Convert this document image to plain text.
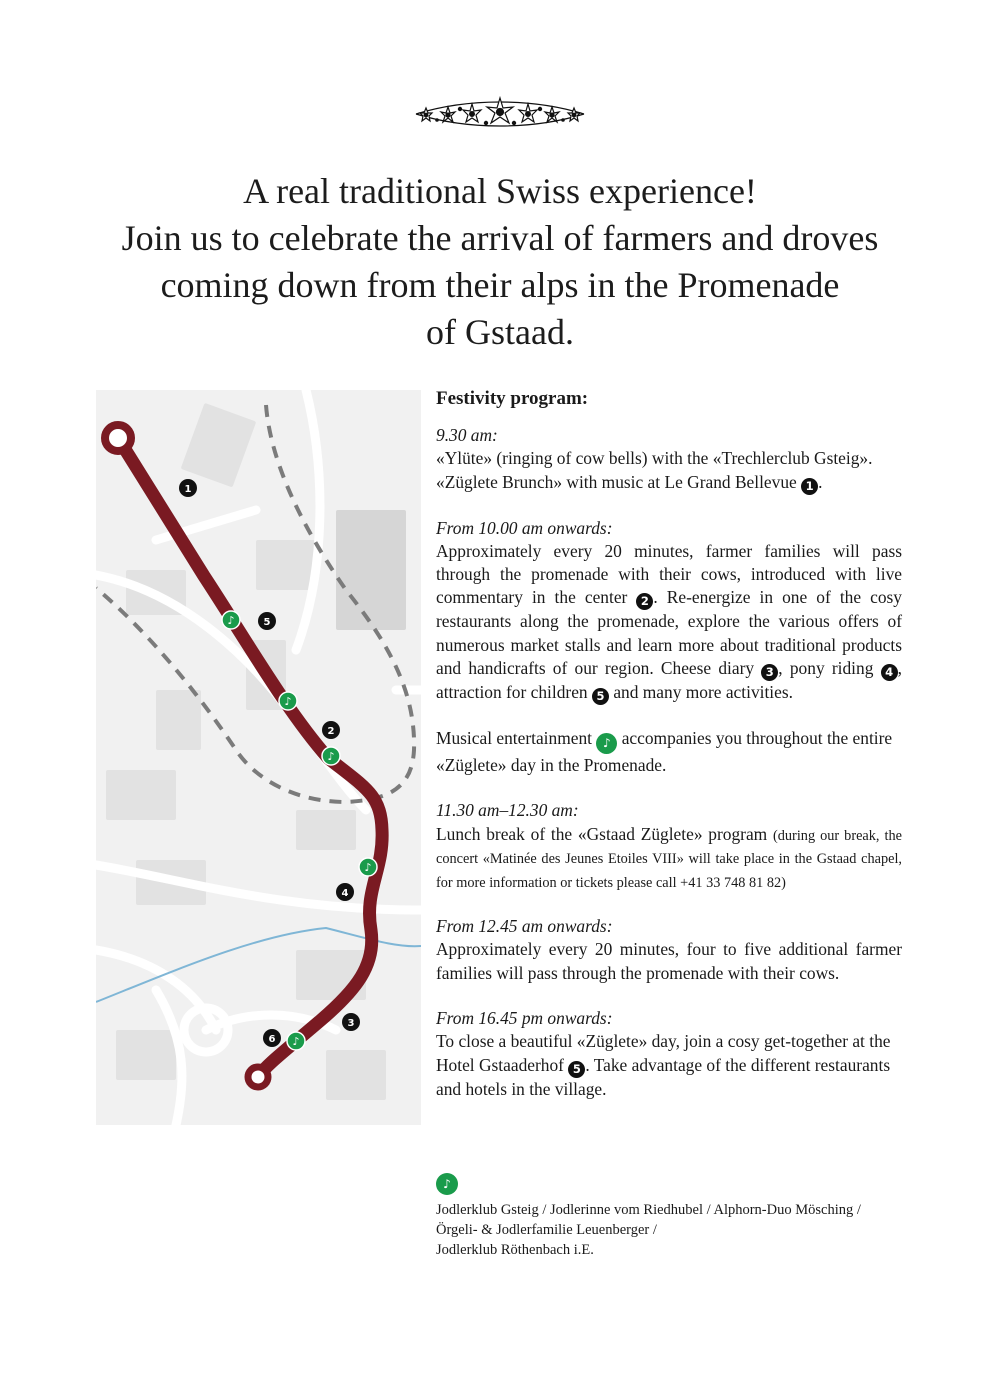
A real traditional Swiss experience!
Join us to celebrate the arrival of farmers and droves
coming down from their alps in the Promenade
of Gstaad.
♪
♪
♪
♪
♪
1
5
2
4
3
6

Festivity program:

9.30 am:

«Ylüte» (ringing of cow bells) with the «Trechlerclub Gsteig».

«Züglete Brunch» with music at Le Grand Bellevue 1 .

From 10.00 am onwards:

Approximately every 20 minutes, farmer families will pass through the promenade with their cows, introduced with live commentary in the center 2 . Re-energize in one of the cosy restaurants along the promenade, explore the various offers of numerous market stalls and learn more about traditional products and handicrafts of our region. Cheese diary 3 , pony riding 4 , attraction for children 5 and many more activities.

Musical entertainment ♪ accompanies you throughout the entire «Züglete» day in the Promenade.

11.30 am–12.30 am:

Lunch break of the «Gstaad Züglete» program (during our break, the concert «Matinée des Jeunes Etoiles VIII» will take place in the Gstaad chapel, for more information or tickets please call +41 33 748 81 82)

From 12.45 am onwards:

Approximately every 20 minutes, four to five additional farmer families will pass through the promenade with their cows.

From 16.45 pm onwards:

To close a beautiful «Züglete» day, join a cosy get-together at the Hotel Gstaaderhof 5 . Take advantage of the different restaurants and hotels in the village.

♪

Jodlerklub Gsteig / Jodlerinne vom Riedhubel / Alphorn-Duo Mösching /

Örgeli- & Jodlerfamilie Leuenberger /

Jodlerklub Röthenbach i.E.
